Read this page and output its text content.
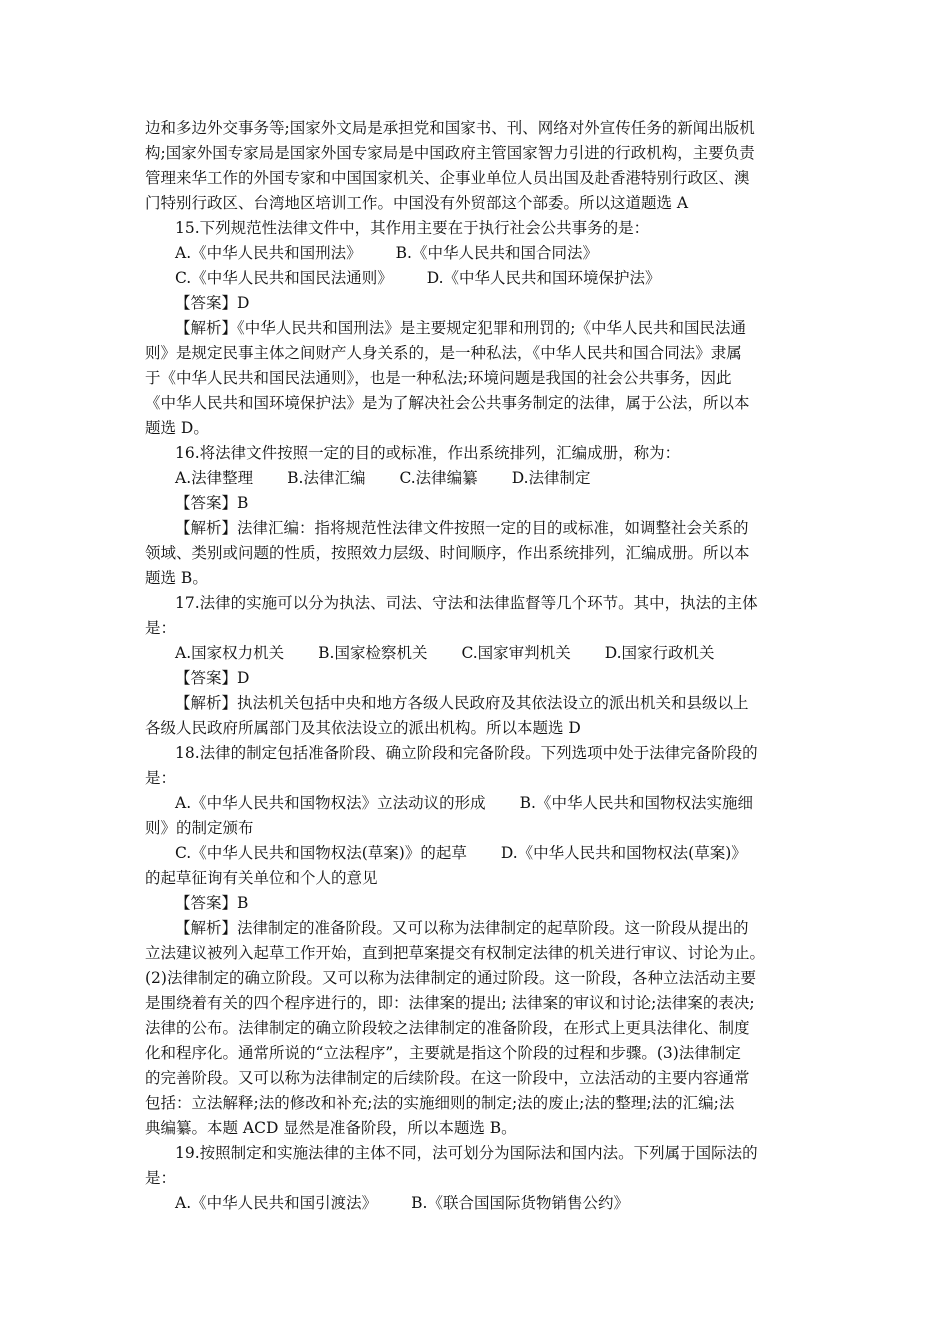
边和多边外交事务等;国家外文局是承担党和国家书、刊、网络对外宣传任务的新闻出版机
构;国家外国专家局是国家外国专家局是中国政府主管国家智力引进的行政机构，主要负责
管理来华工作的外国专家和中国国家机关、企事业单位人员出国及赴香港特别行政区、澳
门特别行政区、台湾地区培训工作。中国没有外贸部这个部委。所以这道题选 A
15.下列规范性法律文件中，其作用主要在于执行社会公共事务的是：
A.《中华人民共和国刑法》 B.《中华人民共和国合同法》
C.《中华人民共和国民法通则》 D.《中华人民共和国环境保护法》
【答案】D
【解析】《中华人民共和国刑法》是主要规定犯罪和刑罚的;《中华人民共和国民法通
则》是规定民事主体之间财产人身关系的，是一种私法，《中华人民共和国合同法》隶属
于《中华人民共和国民法通则》，也是一种私法;环境问题是我国的社会公共事务，因此
《中华人民共和国环境保护法》是为了解决社会公共事务制定的法律，属于公法，所以本
题选 D。
16.将法律文件按照一定的目的或标准，作出系统排列，汇编成册，称为：
A.法律整理 B.法律汇编 C.法律编纂 D.法律制定
【答案】B
【解析】法律汇编：指将规范性法律文件按照一定的目的或标准，如调整社会关系的
领域、类别或问题的性质，按照效力层级、时间顺序，作出系统排列，汇编成册。所以本
题选 B。
17.法律的实施可以分为执法、司法、守法和法律监督等几个环节。其中，执法的主体
是：
A.国家权力机关 B.国家检察机关 C.国家审判机关 D.国家行政机关
【答案】D
【解析】执法机关包括中央和地方各级人民政府及其依法设立的派出机关和县级以上
各级人民政府所属部门及其依法设立的派出机构。所以本题选 D
18.法律的制定包括准备阶段、确立阶段和完备阶段。下列选项中处于法律完备阶段的
是：
A.《中华人民共和国物权法》立法动议的形成 B.《中华人民共和国物权法实施细
则》的制定颁布
C.《中华人民共和国物权法(草案)》的起草 D.《中华人民共和国物权法(草案)》
的起草征询有关单位和个人的意见
【答案】B
【解析】法律制定的准备阶段。又可以称为法律制定的起草阶段。这一阶段从提出的
立法建议被列入起草工作开始，直到把草案提交有权制定法律的机关进行审议、讨论为止。
(2)法律制定的确立阶段。又可以称为法律制定的通过阶段。这一阶段，各种立法活动主要
是围绕着有关的四个程序进行的，即：法律案的提出; 法律案的审议和讨论;法律案的表决;
法律的公布。法律制定的确立阶段较之法律制定的准备阶段，在形式上更具法律化、制度
化和程序化。通常所说的“立法程序”，主要就是指这个阶段的过程和步骤。(3)法律制定
的完善阶段。又可以称为法律制定的后续阶段。在这一阶段中，立法活动的主要内容通常
包括：立法解释;法的修改和补充;法的实施细则的制定;法的废止;法的整理;法的汇编;法
典编纂。本题 ACD 显然是准备阶段，所以本题选 B。
19.按照制定和实施法律的主体不同，法可划分为国际法和国内法。下列属于国际法的
是：
A.《中华人民共和国引渡法》 B.《联合国国际货物销售公约》
